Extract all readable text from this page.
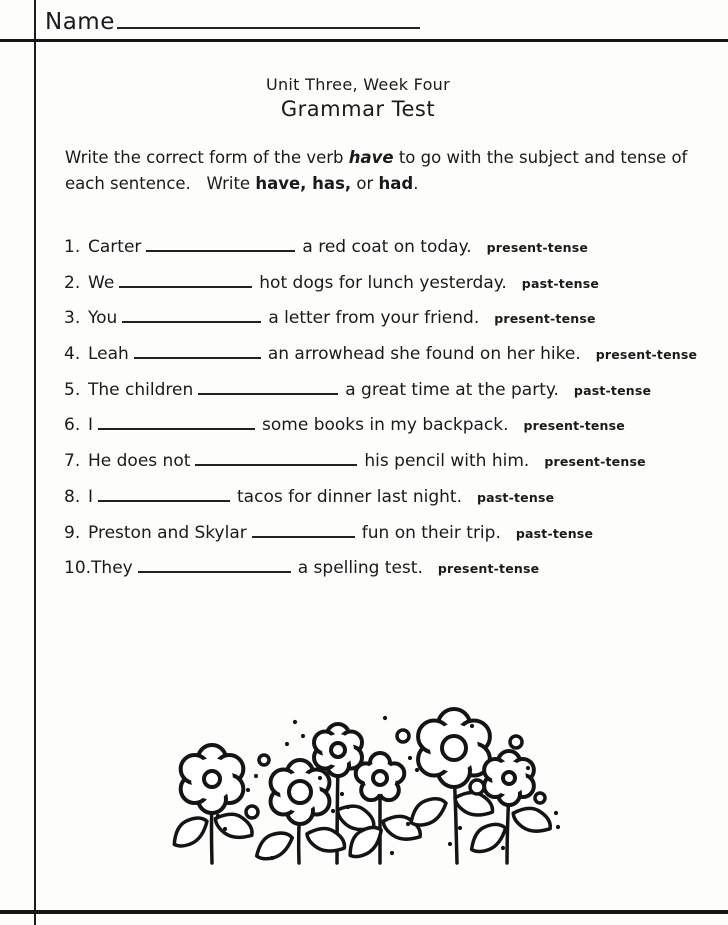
Name
Unit Three, Week Four
Grammar Test
Write the correct form of the verb have to go with the subject and tense of
each sentence.   Write have, has, or had.
1. Carter	a red coat on today. present-tense
2. We	hot dogs for lunch yesterday. past-tense
3. You	a letter from your friend. present-tense
4. Leah	an arrowhead she found on her hike. present-tense
5. The children	a great time at the party. past-tense
6. I	some books in my backpack. present-tense
7. He does not	his pencil with him. present-tense
8. I	tacos for dinner last night. past-tense
9. Preston and Skylar	fun on their trip. past-tense
10.They	a spelling test. present-tense
